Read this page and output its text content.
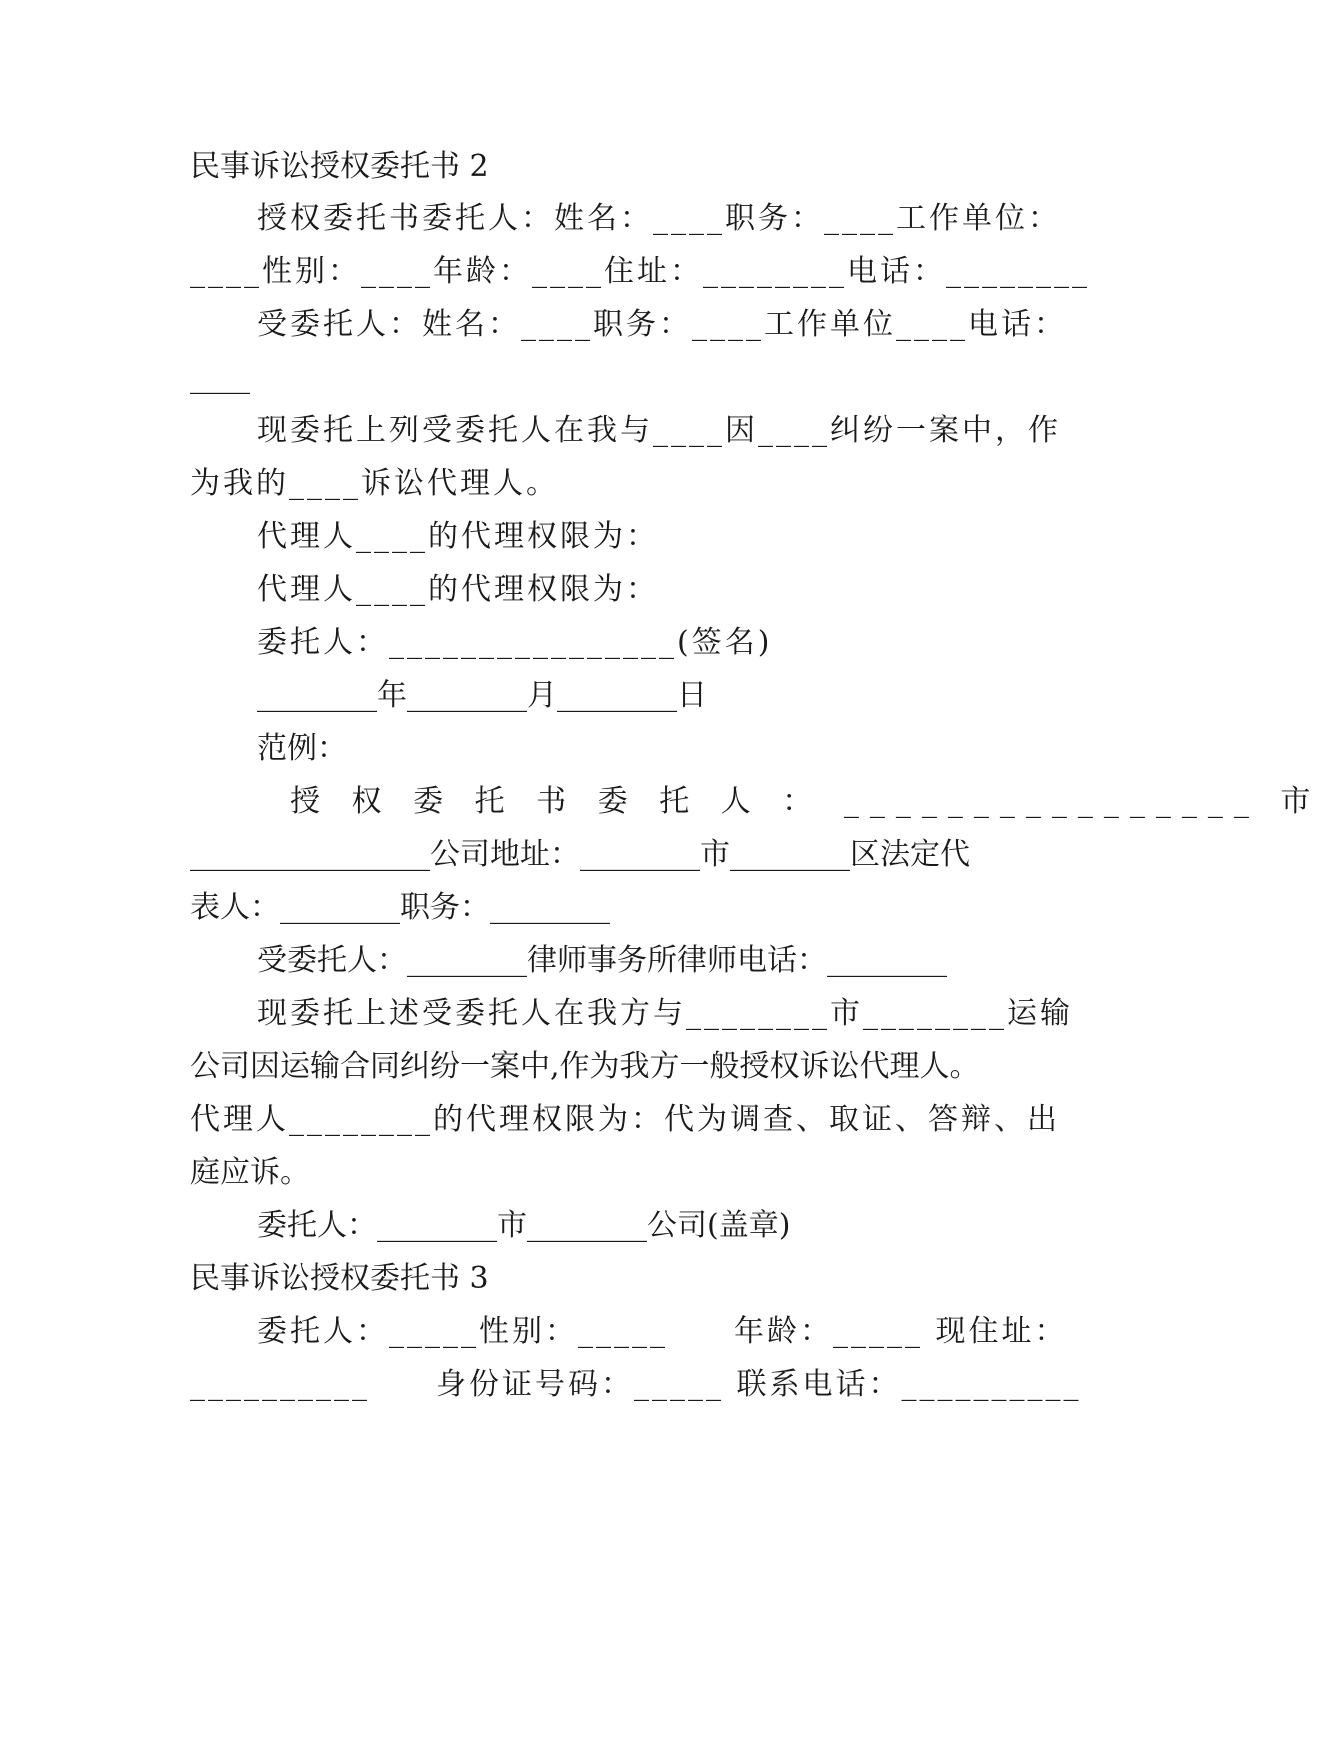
民事诉讼授权委托书 2
授权委托书委托人：姓名：____职务：____工作单位：
____性别：____年龄：____住址：________电话：________
受委托人：姓名：____职务：____工作单位____电话：
____
现委托上列受委托人在我与____因____纠纷一案中，作
为我的____诉讼代理人。
代理人____的代理权限为：
代理人____的代理权限为：
委托人：________________(签名)
________年________月________日
范例：
授 权 委 托 书 委 托 人 ： ________________ 市
________________公司地址：________市________区法定代
表人：________职务：________
受委托人：________律师事务所律师电话：________
现委托上述受委托人在我方与________市________运输
公司因运输合同纠纷一案中,作为我方一般授权诉讼代理人。
代理人________的代理权限为：代为调查、取证、答辩、出
庭应诉。
委托人：________市________公司(盖章)
民事诉讼授权委托书 3
委托人：_____性别：_____　　年龄：_____ 现住址：
__________　　身份证号码：_____ 联系电话：__________
